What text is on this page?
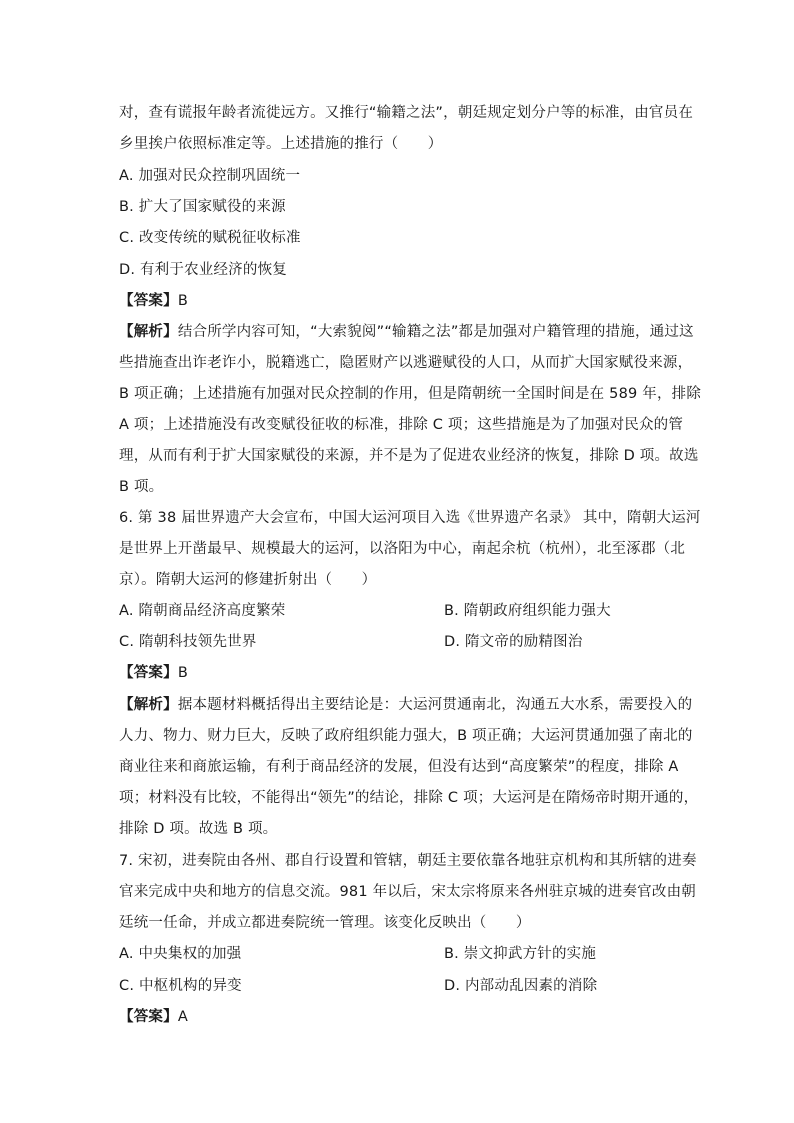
对，查有谎报年龄者流徙远方。又推行“输籍之法”，朝廷规定划分户等的标准，由官员在
乡里挨户依照标准定等。上述措施的推行（　　）
A. 加强对民众控制巩固统一
B. 扩大了国家赋役的来源
C. 改变传统的赋税征收标准
D. 有利于农业经济的恢复
【答案】B
【解析】结合所学内容可知，“大索貌阅”“输籍之法”都是加强对户籍管理的措施，通过这
些措施查出诈老诈小，脱籍逃亡，隐匿财产以逃避赋役的人口，从而扩大国家赋役来源，
B 项正确；上述措施有加强对民众控制的作用，但是隋朝统一全国时间是在 589 年，排除
A 项；上述措施没有改变赋役征收的标准，排除 C 项；这些措施是为了加强对民众的管
理，从而有利于扩大国家赋役的来源，并不是为了促进农业经济的恢复，排除 D 项。故选
B 项。
6. 第 38 届世界遗产大会宣布，中国大运河项目入选《世界遗产名录》 其中，隋朝大运河
是世界上开凿最早、规模最大的运河，以洛阳为中心，南起余杭（杭州），北至涿郡（北
京）。隋朝大运河的修建折射出（　　）
A. 隋朝商品经济高度繁荣	B. 隋朝政府组织能力强大
C. 隋朝科技领先世界	D. 隋文帝的励精图治
【答案】B
【解析】据本题材料概括得出主要结论是：大运河贯通南北，沟通五大水系，需要投入的
人力、物力、财力巨大，反映了政府组织能力强大，B 项正确；大运河贯通加强了南北的
商业往来和商旅运输，有利于商品经济的发展，但没有达到“高度繁荣”的程度，排除 A
项；材料没有比较，不能得出“领先”的结论，排除 C 项；大运河是在隋炀帝时期开通的，
排除 D 项。故选 B 项。
7. 宋初，进奏院由各州、郡自行设置和管辖，朝廷主要依靠各地驻京机构和其所辖的进奏
官来完成中央和地方的信息交流。981 年以后，宋太宗将原来各州驻京城的进奏官改由朝
廷统一任命，并成立都进奏院统一管理。该变化反映出（　　）
A. 中央集权的加强	B. 崇文抑武方针的实施
C. 中枢机构的异变	D. 内部动乱因素的消除
【答案】A
